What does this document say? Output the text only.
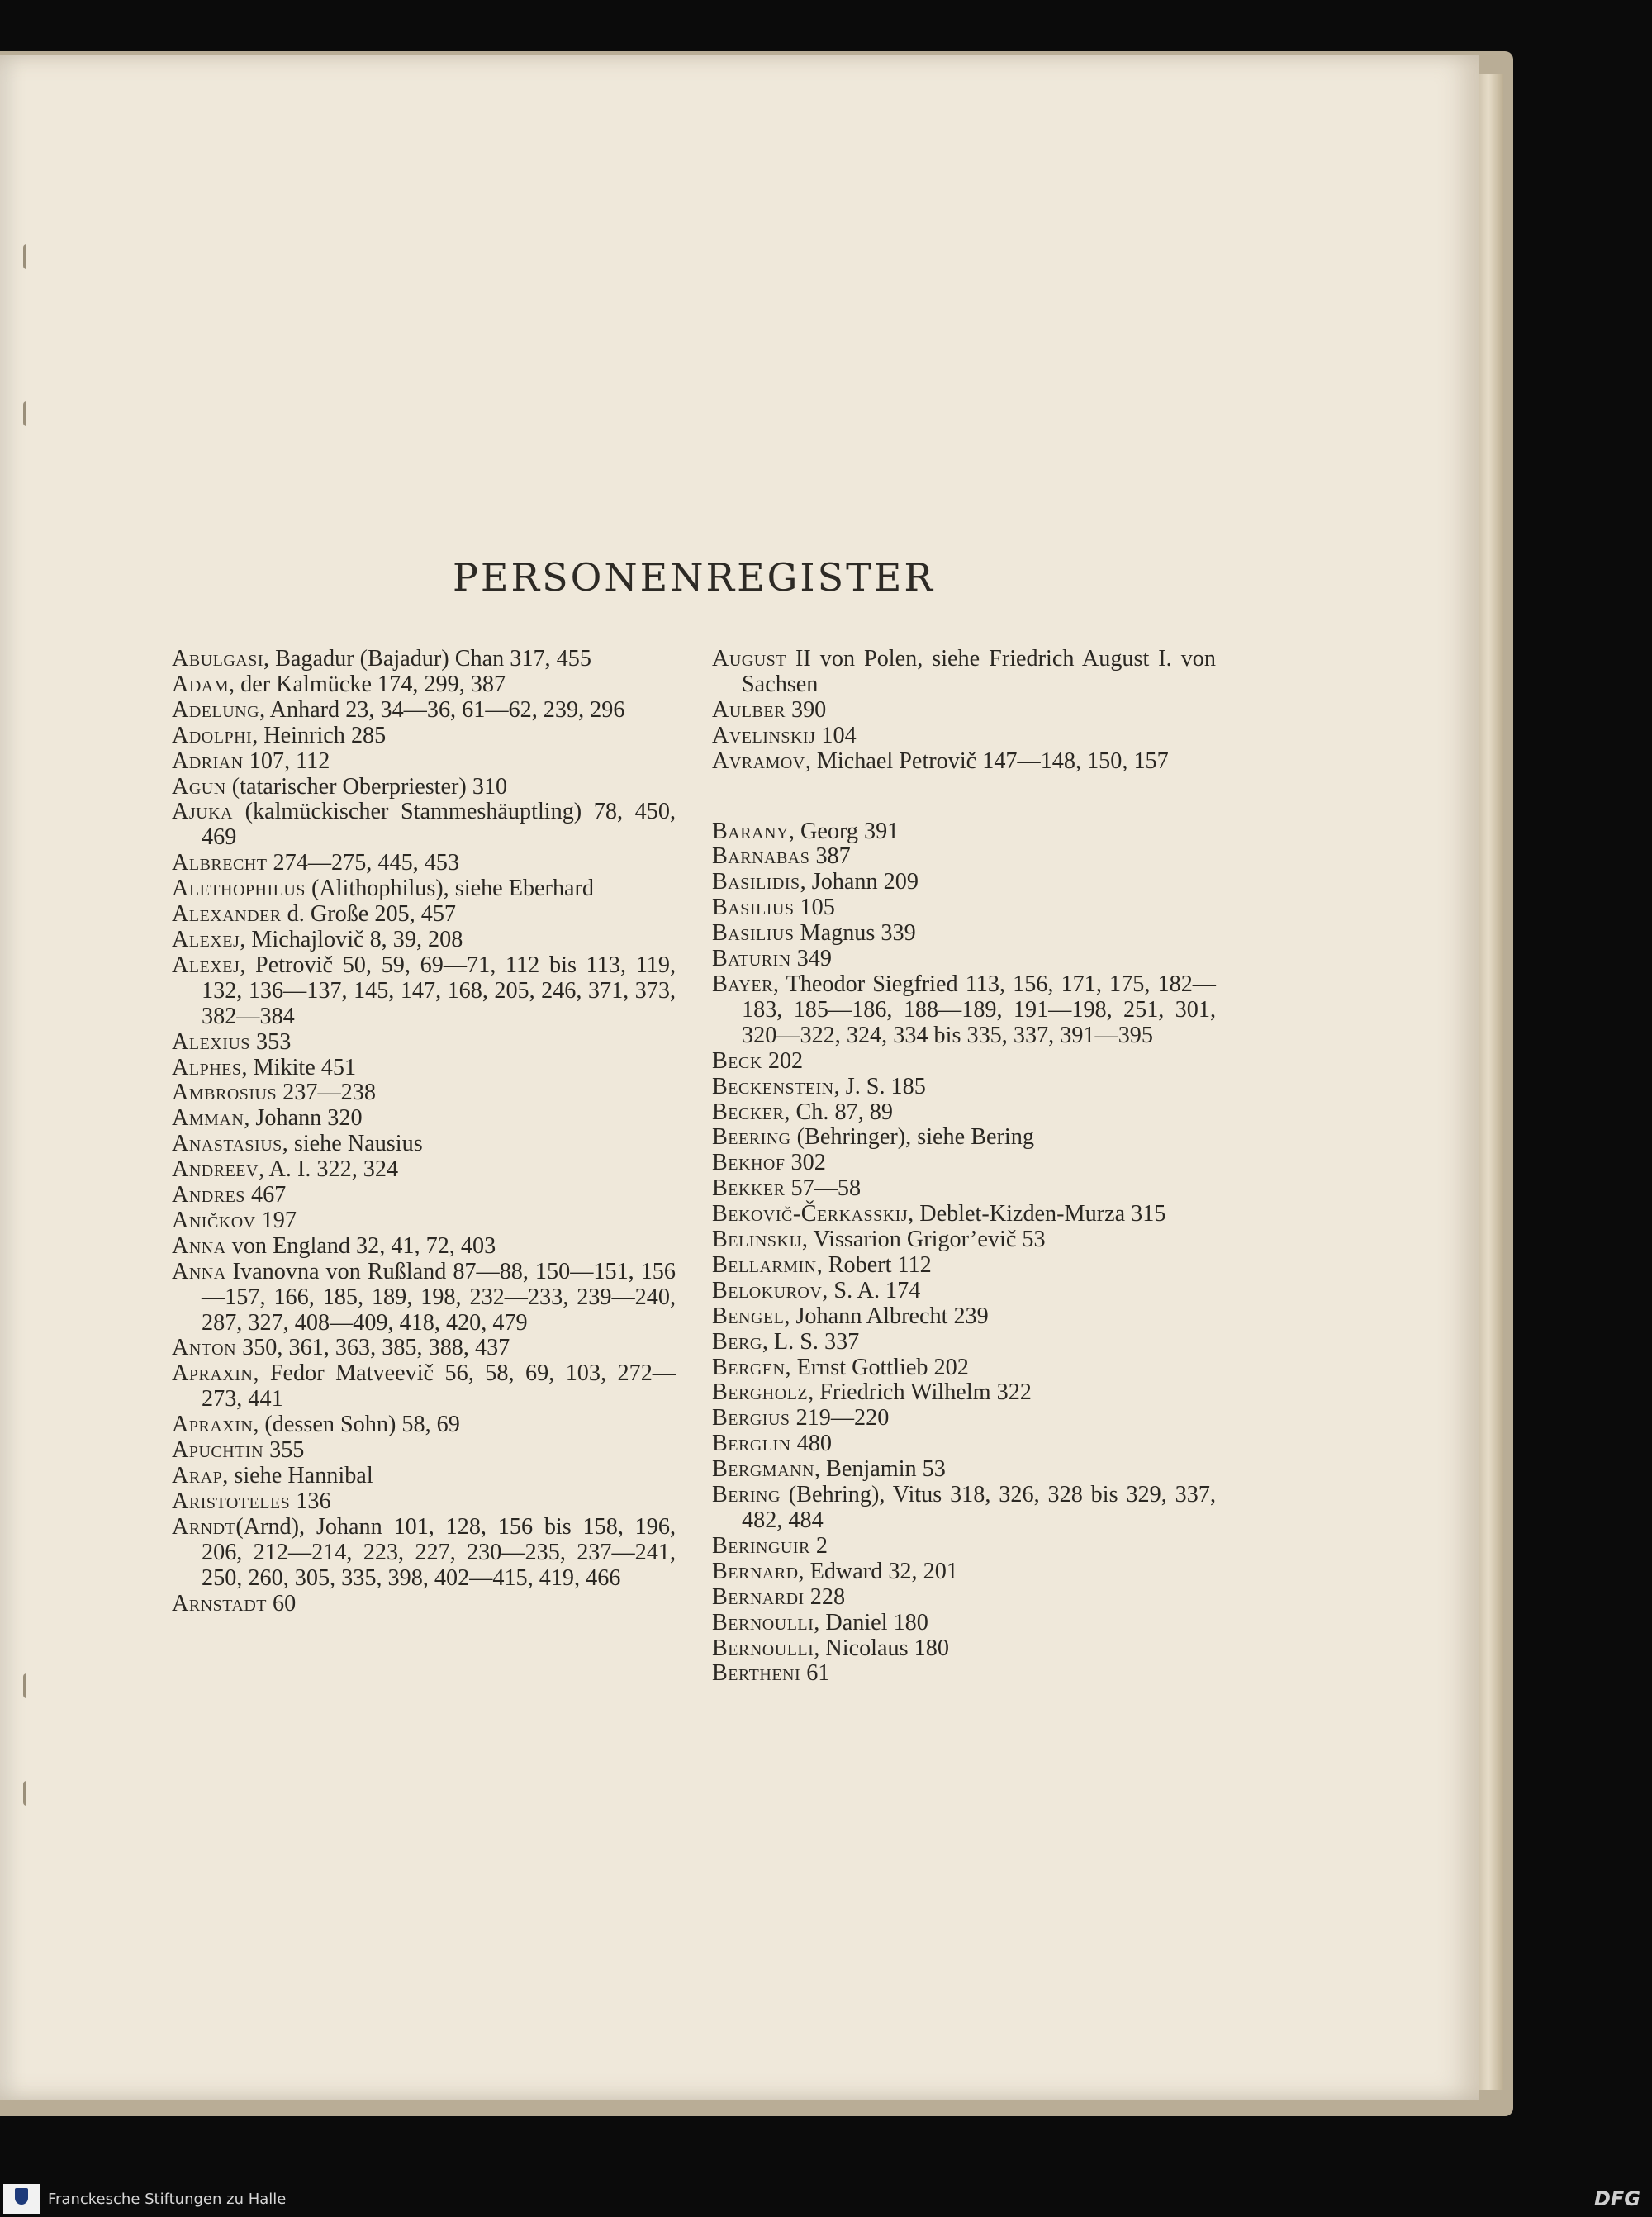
PERSONENREGISTER
Abulgasi, Bagadur (Bajadur) Chan 317, 455
Adam, der Kalmücke 174, 299, 387
Adelung, Anhard 23, 34—36, 61—62, 239, 296
Adolphi, Heinrich 285
Adrian 107, 112
Agun (tatarischer Oberpriester) 310
Ajuka (kalmückischer Stammeshäuptling) 78, 450, 469
Albrecht 274—275, 445, 453
Alethophilus (Alithophilus), siehe Eberhard
Alexander d. Große 205, 457
Alexej, Michajlovič 8, 39, 208
Alexej, Petrovič 50, 59, 69—71, 112 bis 113, 119, 132, 136—137, 145, 147, 168, 205, 246, 371, 373, 382—384
Alexius 353
Alphes, Mikite 451
Ambrosius 237—238
Amman, Johann 320
Anastasius, siehe Nausius
Andreev, A. I. 322, 324
Andres 467
Aničkov 197
Anna von England 32, 41, 72, 403
Anna Ivanovna von Rußland 87—88, 150—151, 156—157, 166, 185, 189, 198, 232—233, 239—240, 287, 327, 408—409, 418, 420, 479
Anton 350, 361, 363, 385, 388, 437
Apraxin, Fedor Matveevič 56, 58, 69, 103, 272—273, 441
Apraxin, (dessen Sohn) 58, 69
Apuchtin 355
Arap, siehe Hannibal
Aristoteles 136
Arndt(Arnd), Johann 101, 128, 156 bis 158, 196, 206, 212—214, 223, 227, 230—235, 237—241, 250, 260, 305, 335, 398, 402—415, 419, 466
Arnstadt 60
August II von Polen, siehe Friedrich August I. von Sachsen
Aulber 390
Avelinskij 104
Avramov, Michael Petrovič 147—148, 150, 157
Barany, Georg 391
Barnabas 387
Basilidis, Johann 209
Basilius 105
Basilius Magnus 339
Baturin 349
Bayer, Theodor Siegfried 113, 156, 171, 175, 182—183, 185—186, 188—189, 191—198, 251, 301, 320—322, 324, 334 bis 335, 337, 391—395
Beck 202
Beckenstein, J. S. 185
Becker, Ch. 87, 89
Beering (Behringer), siehe Bering
Bekhof 302
Bekker 57—58
Bekovič-Čerkasskij, Deblet-Kizden-Murza 315
Belinskij, Vissarion Grigor’evič 53
Bellarmin, Robert 112
Belokurov, S. A. 174
Bengel, Johann Albrecht 239
Berg, L. S. 337
Bergen, Ernst Gottlieb 202
Bergholz, Friedrich Wilhelm 322
Bergius 219—220
Berglin 480
Bergmann, Benjamin 53
Bering (Behring), Vitus 318, 326, 328 bis 329, 337, 482, 484
Beringuir 2
Bernard, Edward 32, 201
Bernardi 228
Bernoulli, Daniel 180
Bernoulli, Nicolaus 180
Bertheni 61
Franckesche Stiftungen zu Halle	DFG
